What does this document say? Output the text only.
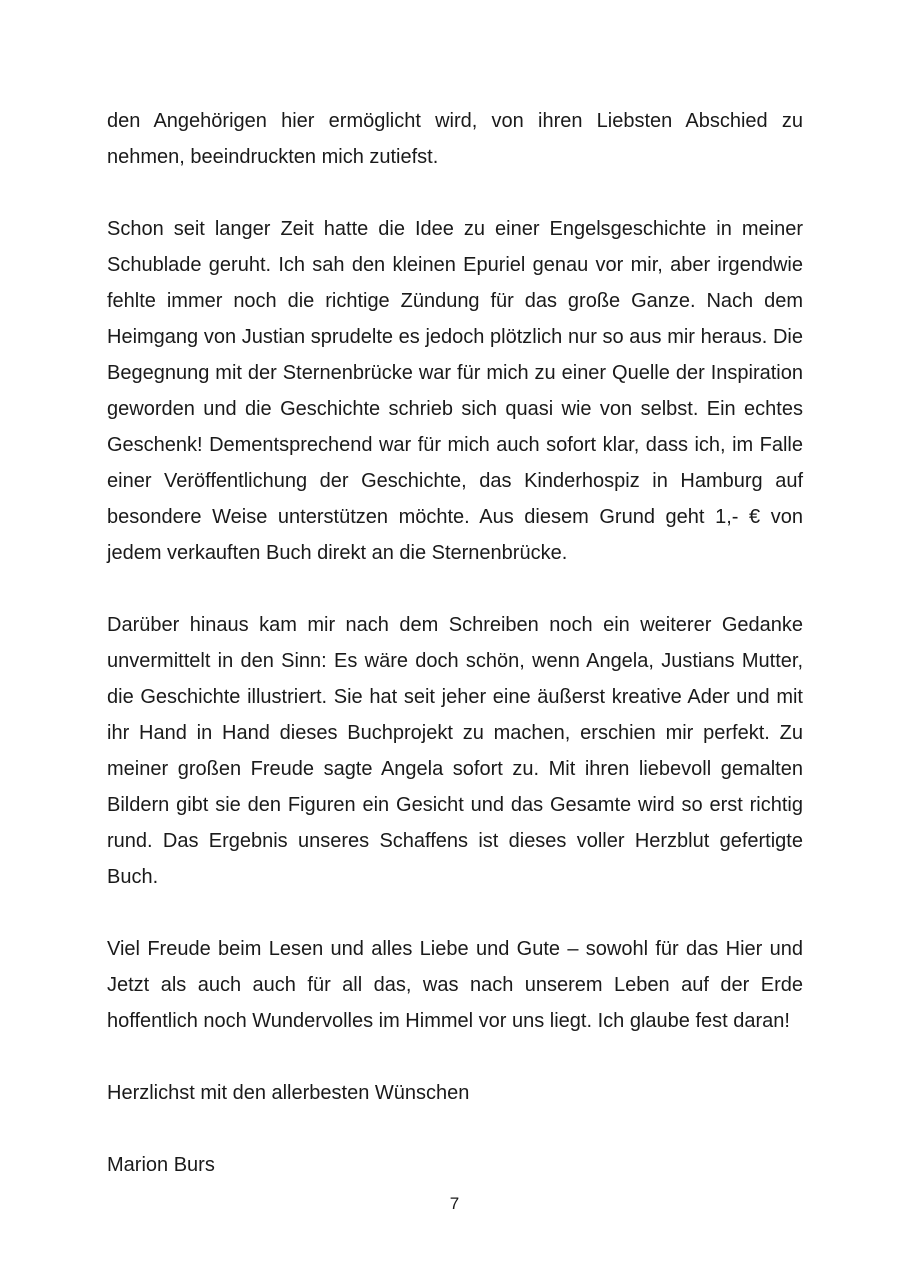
den Angehörigen hier ermöglicht wird, von ihren Liebsten Abschied zu nehmen, beeindruckten mich zutiefst.

Schon seit langer Zeit hatte die Idee zu einer Engelsgeschichte in meiner Schublade geruht. Ich sah den kleinen Epuriel genau vor mir, aber irgendwie fehlte immer noch die richtige Zündung für das große Ganze. Nach dem Heimgang von Justian sprudelte es jedoch plötzlich nur so aus mir heraus. Die Begegnung mit der Sternenbrücke war für mich zu einer Quelle der Inspiration geworden und die Geschichte schrieb sich quasi wie von selbst. Ein echtes Geschenk! Dementsprechend war für mich auch sofort klar, dass ich, im Falle einer Veröffentlichung der Geschichte, das Kinderhospiz in Hamburg auf besondere Weise unterstützen möchte. Aus diesem Grund geht 1,- € von jedem verkauften Buch direkt an die Sternenbrücke.

Darüber hinaus kam mir nach dem Schreiben noch ein weiterer Gedanke unvermittelt in den Sinn: Es wäre doch schön, wenn Angela, Justians Mutter, die Geschichte illustriert. Sie hat seit jeher eine äußerst kreative Ader und mit ihr Hand in Hand dieses Buchprojekt zu machen, erschien mir perfekt. Zu meiner großen Freude sagte Angela sofort zu. Mit ihren liebevoll gemalten Bildern gibt sie den Figuren ein Gesicht und das Gesamte wird so erst richtig rund. Das Ergebnis unseres Schaffens ist dieses voller Herzblut gefertigte Buch.

Viel Freude beim Lesen und alles Liebe und Gute – sowohl für das Hier und Jetzt als auch auch für all das, was nach unserem Leben auf der Erde hoffentlich noch Wundervolles im Himmel vor uns liegt. Ich glaube fest daran!

Herzlichst mit den allerbesten Wünschen

Marion Burs

7
